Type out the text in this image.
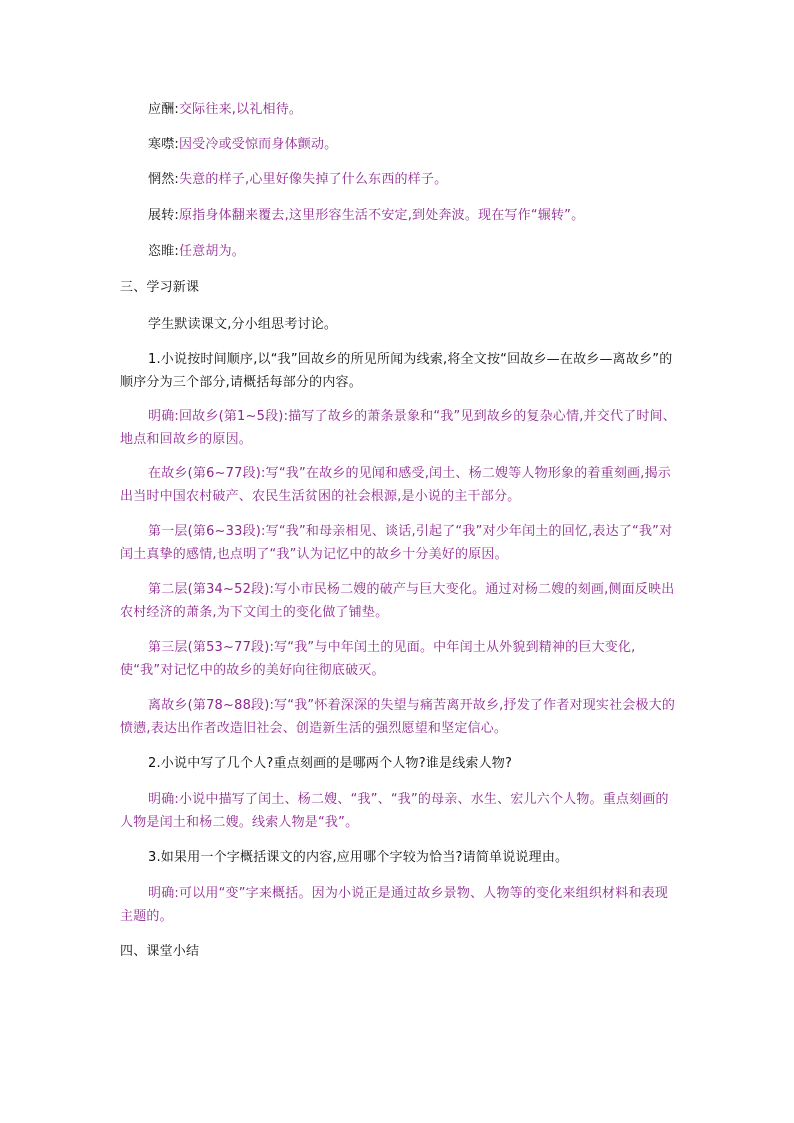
应酬:交际往来,以礼相待。
寒噤:因受冷或受惊而身体颤动。
惘然:失意的样子,心里好像失掉了什么东西的样子。
展转:原指身体翻来覆去,这里形容生活不安定,到处奔波。现在写作“辗转”。
恣睢:任意胡为。
三、学习新课
学生默读课文,分小组思考讨论。
1.小说按时间顺序,以“我”回故乡的所见所闻为线索,将全文按“回故乡—在故乡—离故乡”的顺序分为三个部分,请概括每部分的内容。
明确:回故乡(第1~5段):描写了故乡的萧条景象和“我”见到故乡的复杂心情,并交代了时间、地点和回故乡的原因。
在故乡(第6~77段):写“我”在故乡的见闻和感受,闰土、杨二嫂等人物形象的着重刻画,揭示出当时中国农村破产、农民生活贫困的社会根源,是小说的主干部分。
第一层(第6~33段):写“我”和母亲相见、谈话,引起了“我”对少年闰土的回忆,表达了“我”对闰土真挚的感情,也点明了“我”认为记忆中的故乡十分美好的原因。
第二层(第34~52段):写小市民杨二嫂的破产与巨大变化。通过对杨二嫂的刻画,侧面反映出农村经济的萧条,为下文闰土的变化做了铺垫。
第三层(第53~77段):写“我”与中年闰土的见面。中年闰土从外貌到精神的巨大变化,使“我”对记忆中的故乡的美好向往彻底破灭。
离故乡(第78~88段):写“我”怀着深深的失望与痛苦离开故乡,抒发了作者对现实社会极大的愤懑,表达出作者改造旧社会、创造新生活的强烈愿望和坚定信心。
2.小说中写了几个人?重点刻画的是哪两个人物?谁是线索人物?
明确:小说中描写了闰土、杨二嫂、“我”、“我”的母亲、水生、宏儿六个人物。重点刻画的人物是闰土和杨二嫂。线索人物是“我”。
3.如果用一个字概括课文的内容,应用哪个字较为恰当?请简单说说理由。
明确:可以用“变”字来概括。因为小说正是通过故乡景物、人物等的变化来组织材料和表现主题的。
四、课堂小结
